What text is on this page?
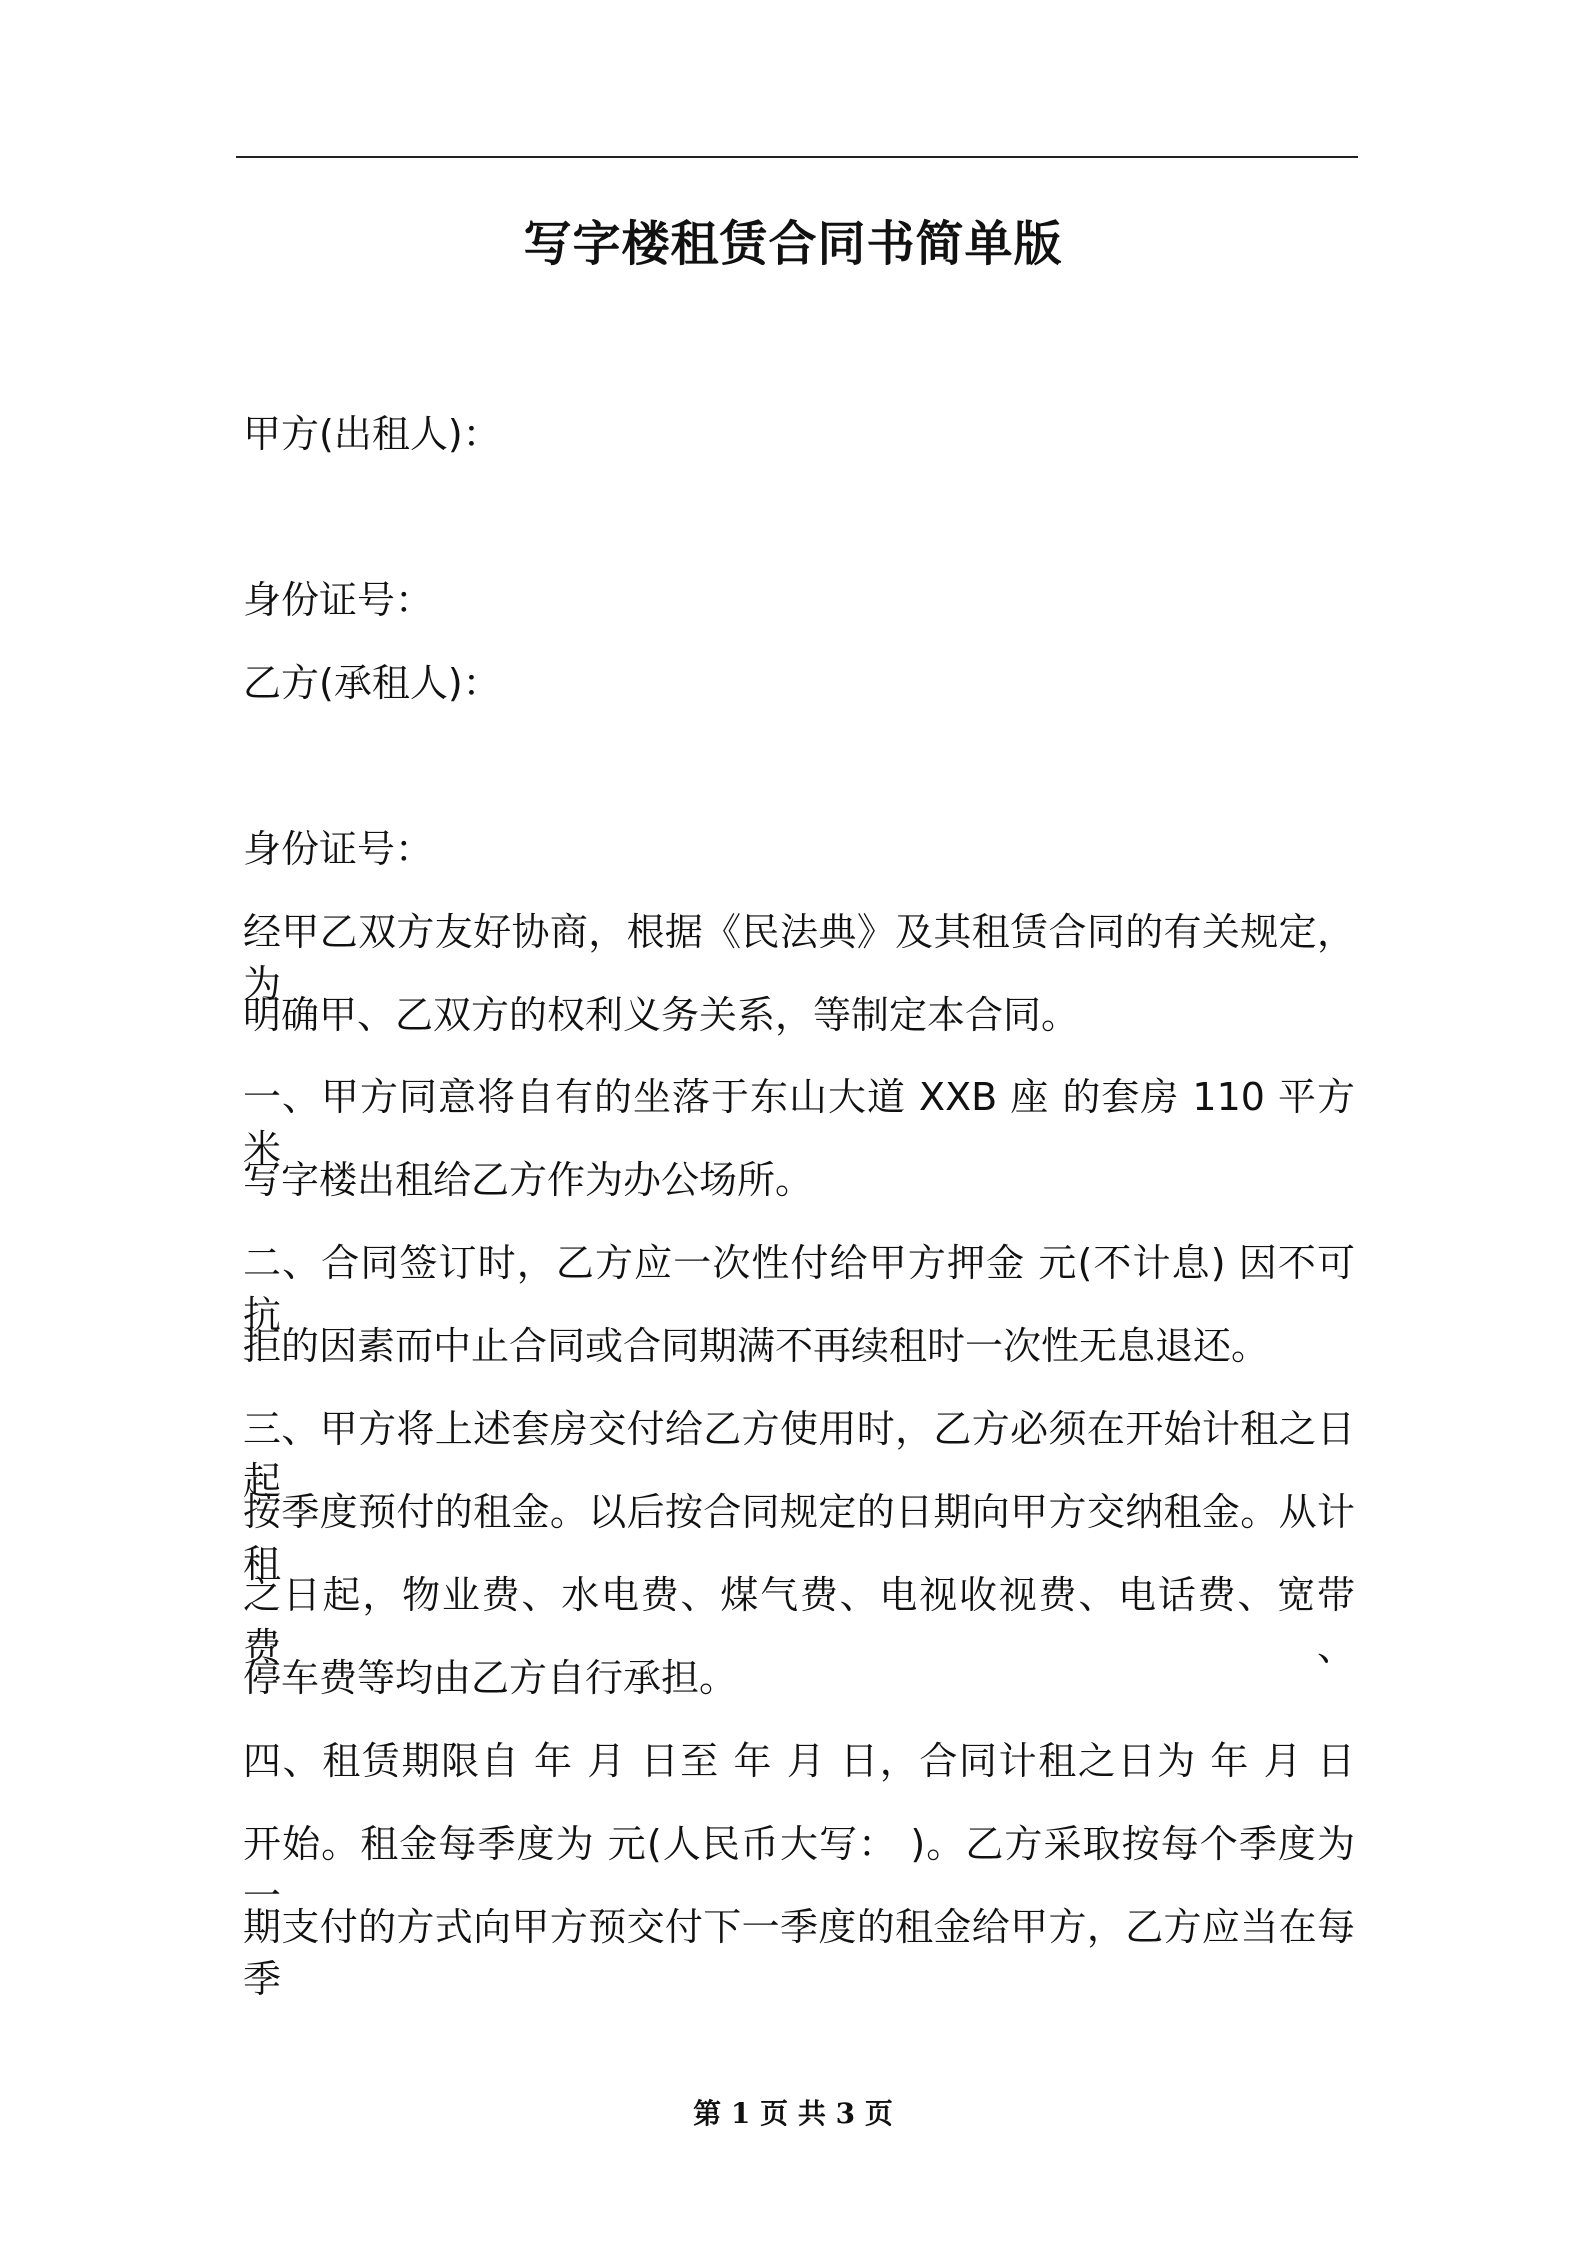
写字楼租赁合同书简单版
甲方(出租人)：
身份证号：
乙方(承租人)：
身份证号：
经甲乙双方友好协商，根据《民法典》及其租赁合同的有关规定，为
明确甲、乙双方的权利义务关系，等制定本合同。
一、甲方同意将自有的坐落于东山大道 XXB 座 的套房 110 平方米
写字楼出租给乙方作为办公场所。
二、合同签订时，乙方应一次性付给甲方押金 元(不计息) 因不可抗
拒的因素而中止合同或合同期满不再续租时一次性无息退还。
三、甲方将上述套房交付给乙方使用时，乙方必须在开始计租之日起
按季度预付的租金。以后按合同规定的日期向甲方交纳租金。从计租
之日起，物业费、水电费、煤气费、电视收视费、电话费、宽带费、
停车费等均由乙方自行承担。
四、租赁期限自 年 月 日至 年 月 日，合同计租之日为 年 月 日
开始。租金每季度为 元(人民币大写： )。乙方采取按每个季度为一
期支付的方式向甲方预交付下一季度的租金给甲方，乙方应当在每季
第 1 页 共 3 页
